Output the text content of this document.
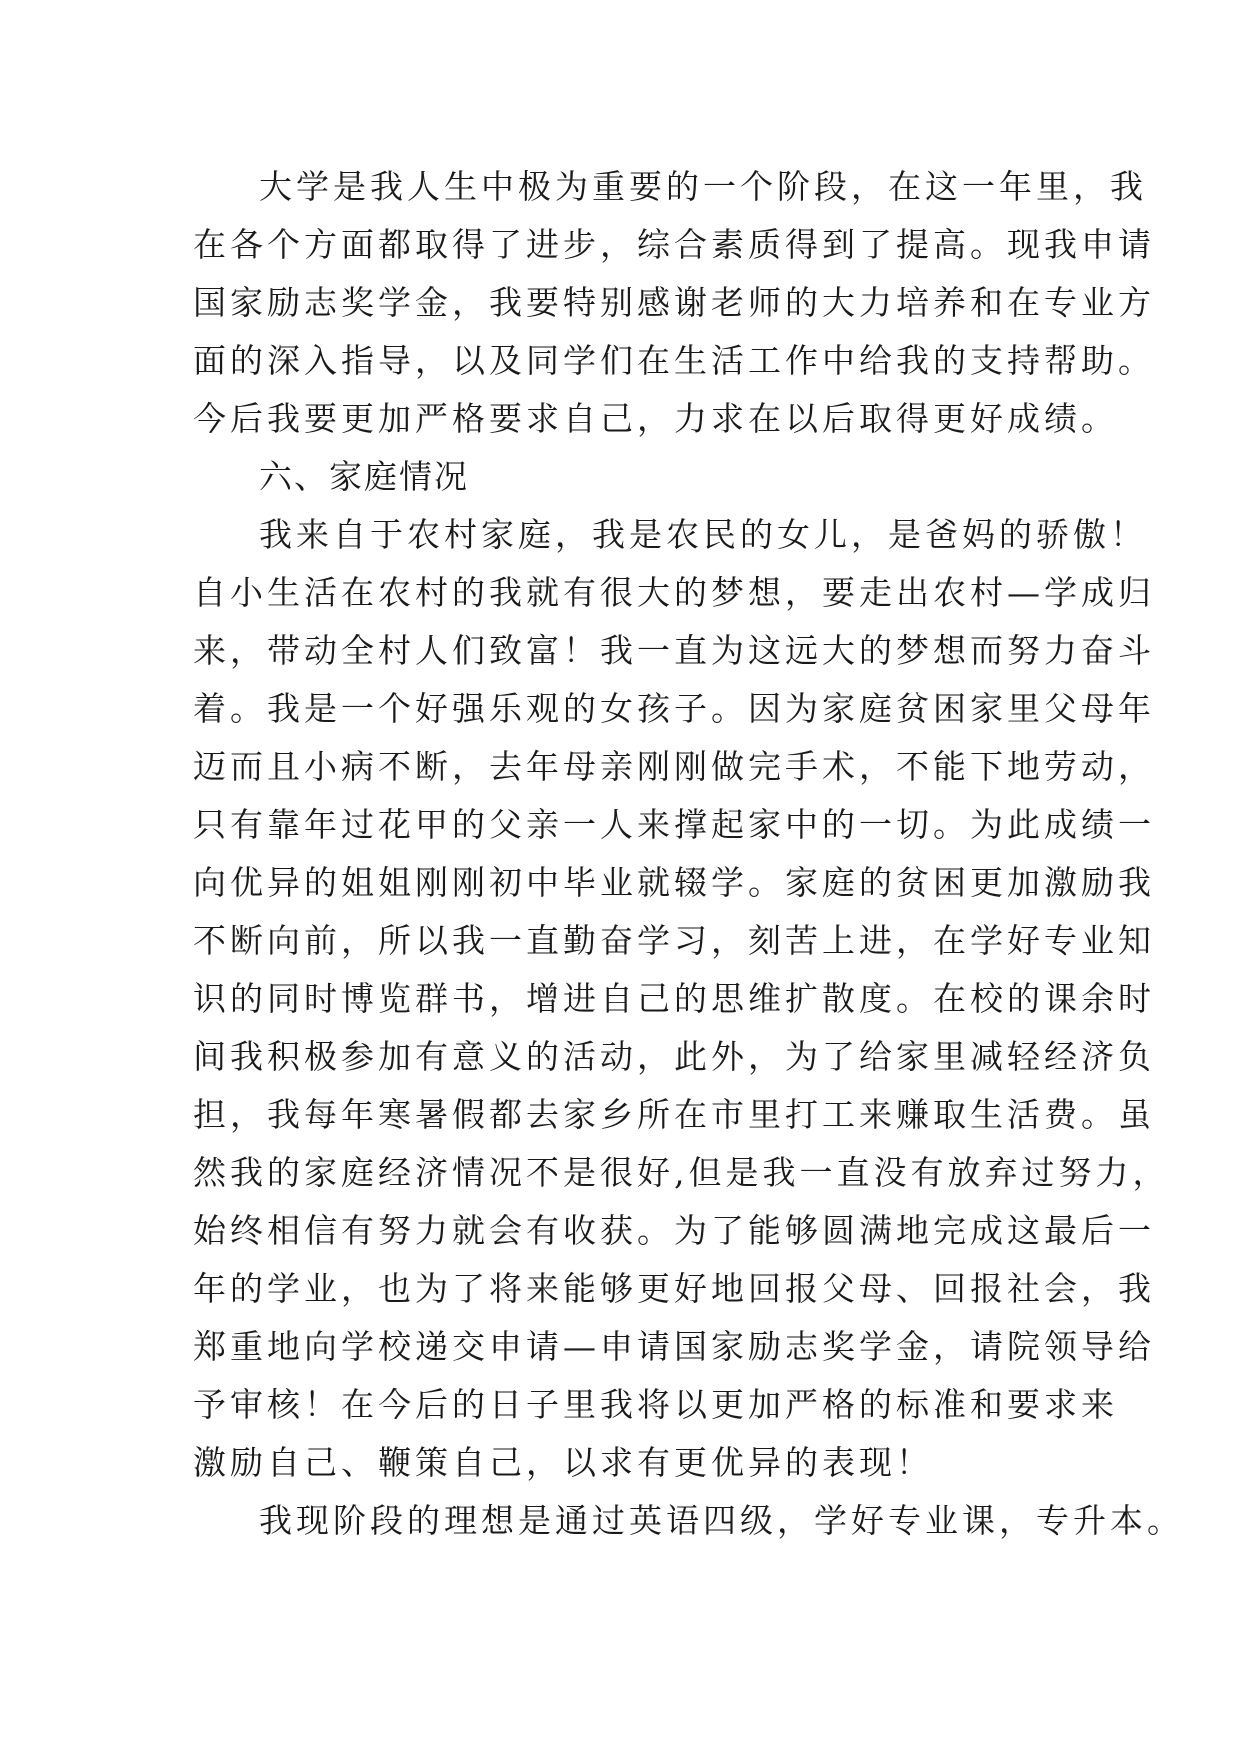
大学是我人生中极为重要的一个阶段，在这一年里，我
在各个方面都取得了进步，综合素质得到了提高。现我申请
国家励志奖学金，我要特别感谢老师的大力培养和在专业方
面的深入指导，以及同学们在生活工作中给我的支持帮助。
今后我要更加严格要求自己，力求在以后取得更好成绩。
六、家庭情况
我来自于农村家庭，我是农民的女儿，是爸妈的骄傲！
自小生活在农村的我就有很大的梦想，要走出农村—学成归
来，带动全村人们致富！我一直为这远大的梦想而努力奋斗
着。我是一个好强乐观的女孩子。因为家庭贫困家里父母年
迈而且小病不断，去年母亲刚刚做完手术，不能下地劳动，
只有靠年过花甲的父亲一人来撑起家中的一切。为此成绩一
向优异的姐姐刚刚初中毕业就辍学。家庭的贫困更加激励我
不断向前，所以我一直勤奋学习，刻苦上进，在学好专业知
识的同时博览群书，增进自己的思维扩散度。在校的课余时
间我积极参加有意义的活动，此外，为了给家里减轻经济负
担，我每年寒暑假都去家乡所在市里打工来赚取生活费。虽
然我的家庭经济情况不是很好,但是我一直没有放弃过努力，
始终相信有努力就会有收获。为了能够圆满地完成这最后一
年的学业，也为了将来能够更好地回报父母、回报社会，我
郑重地向学校递交申请—申请国家励志奖学金，请院领导给
予审核！在今后的日子里我将以更加严格的标准和要求来
激励自己、鞭策自己，以求有更优异的表现！
我现阶段的理想是通过英语四级，学好专业课，专升本。
